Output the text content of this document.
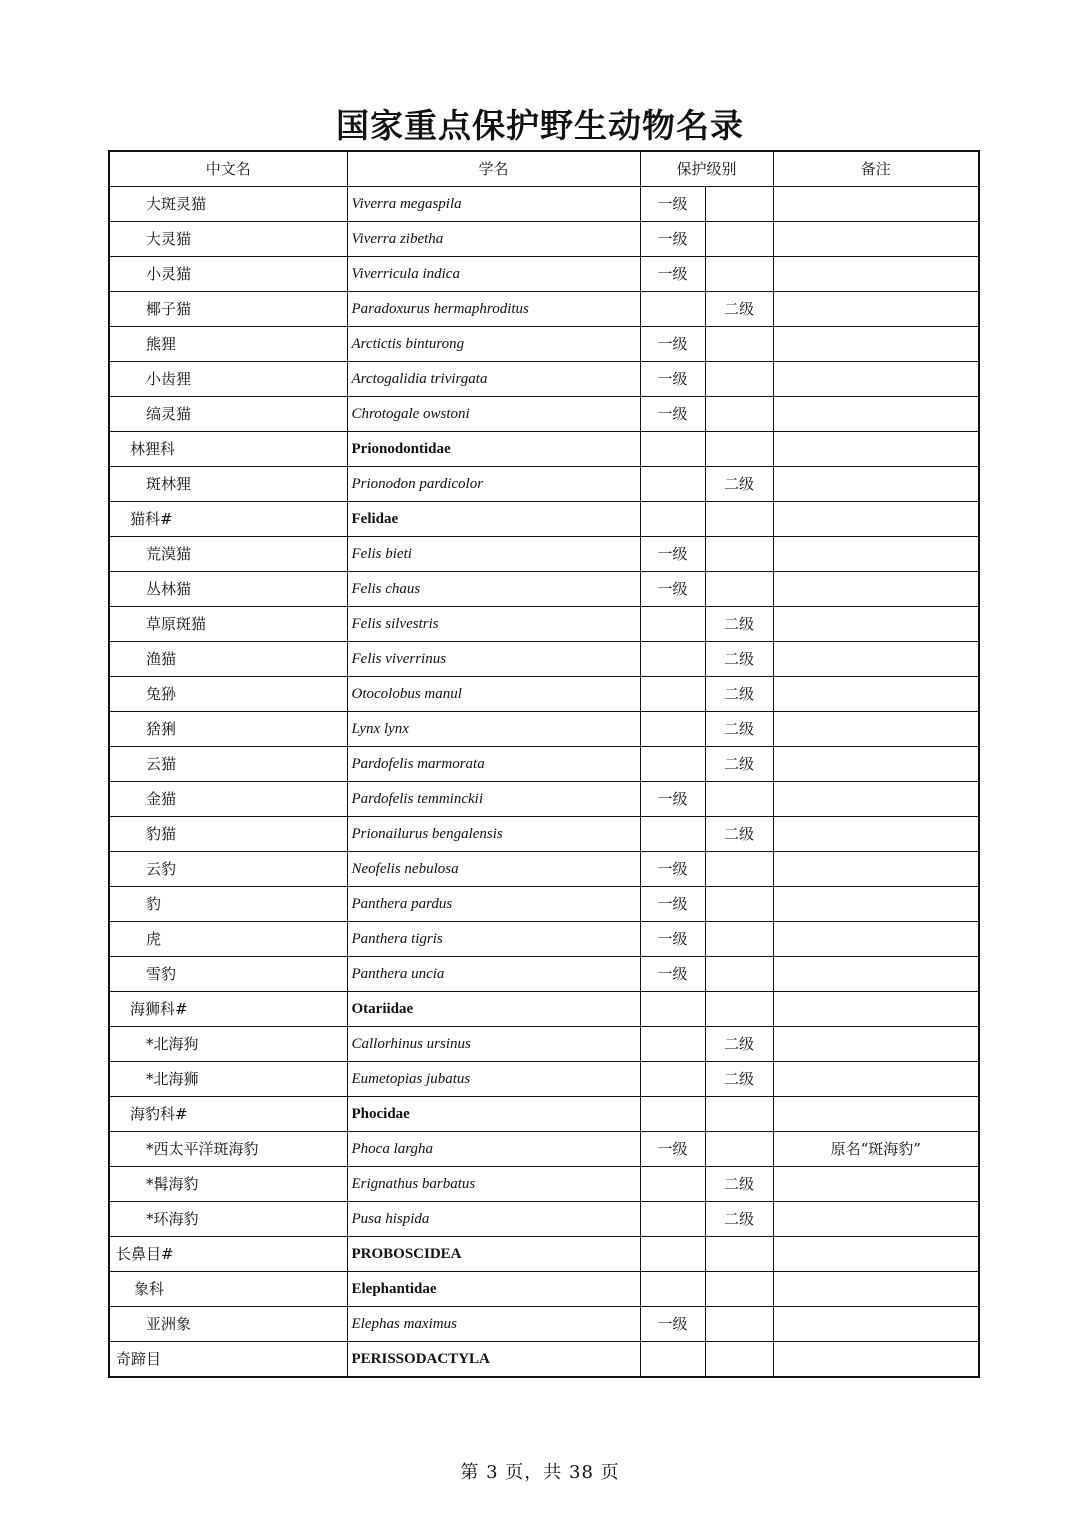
国家重点保护野生动物名录
中文名	学名	保护级别		备注
大斑灵猫	Viverra megaspila	一级		
大灵猫	Viverra zibetha	一级		
小灵猫	Viverricula indica	一级		
椰子猫	Paradoxurus hermaphroditus		二级	
熊狸	Arctictis binturong	一级		
小齿狸	Arctogalidia trivirgata	一级		
缟灵猫	Chrotogale owstoni	一级		
林狸科	Prionodontidae			
斑林狸	Prionodon pardicolor		二级	
猫科#	Felidae			
荒漠猫	Felis bieti	一级		
丛林猫	Felis chaus	一级		
草原斑猫	Felis silvestris		二级	
渔猫	Felis viverrinus		二级	
兔狲	Otocolobus manul		二级	
猞猁	Lynx lynx		二级	
云猫	Pardofelis marmorata		二级	
金猫	Pardofelis temminckii	一级		
豹猫	Prionailurus bengalensis		二级	
云豹	Neofelis nebulosa	一级		
豹	Panthera pardus	一级		
虎	Panthera tigris	一级		
雪豹	Panthera uncia	一级		
海狮科#	Otariidae			
*北海狗	Callorhinus ursinus		二级	
*北海狮	Eumetopias jubatus		二级	
海豹科#	Phocidae			
*西太平洋斑海豹	Phoca largha	一级		原名“斑海豹”
*髯海豹	Erignathus barbatus		二级	
*环海豹	Pusa hispida		二级	
长鼻目#	PROBOSCIDEA			
象科	Elephantidae			
亚洲象	Elephas maximus	一级		
奇蹄目	PERISSODACTYLA			
第 3 页，共 38 页
